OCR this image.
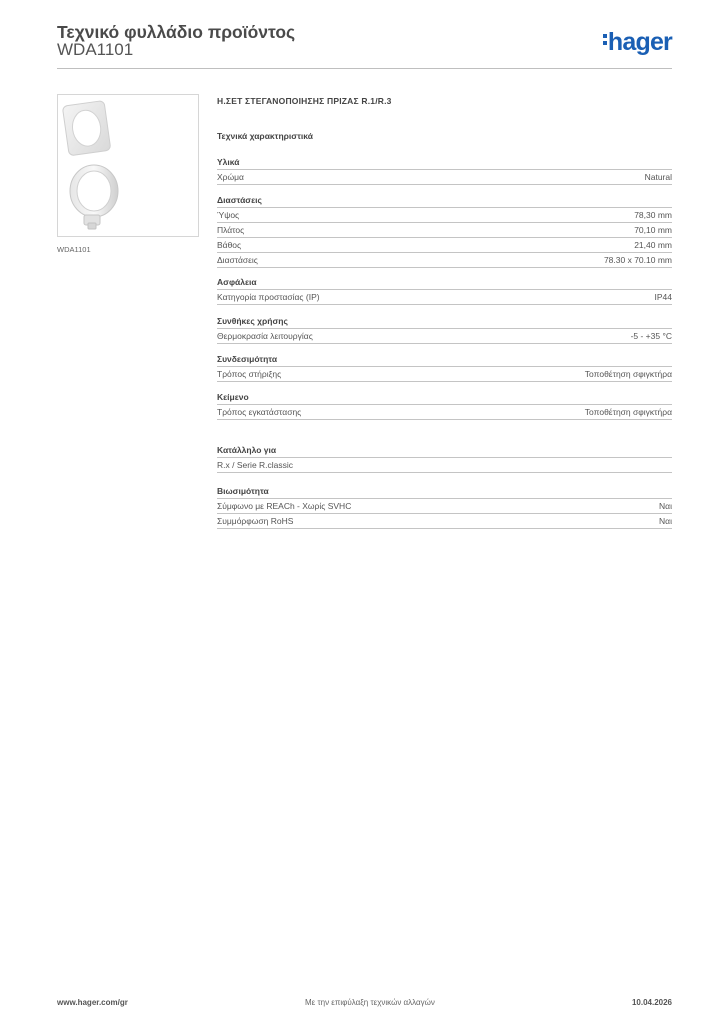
Τεχνικό φυλλάδιο προϊόντος
WDA1101	hager
WDA1101
Η.ΣΕΤ ΣΤΕΓΑΝΟΠΟΙΗΣΗΣ ΠΡΙΖΑΣ R.1/R.3
Τεχνικά χαρακτηριστικά
Υλικά
Χρώμα	Natural
Διαστάσεις
Ύψος	78,30 mm
Πλάτος	70,10 mm
Βάθος	21,40 mm
Διαστάσεις	78.30 x 70.10 mm
Ασφάλεια
Κατηγορία προστασίας (IP)	IP44
Συνθήκες χρήσης
Θερμοκρασία λειτουργίας	-5 - +35 °C
Συνδεσιμότητα
Τρόπος στήριξης	Τοποθέτηση σφιγκτήρα
Κείμενο
Τρόπος εγκατάστασης	Τοποθέτηση σφιγκτήρα
Κατάλληλο για
R.x / Serie R.classic
Βιωσιμότητα
Σύμφωνο με REACh - Χωρίς SVHC	Ναι
Συμμόρφωση RoHS	Ναι
www.hager.com/gr	Με την επιφύλαξη τεχνικών αλλαγών	10.04.2026
